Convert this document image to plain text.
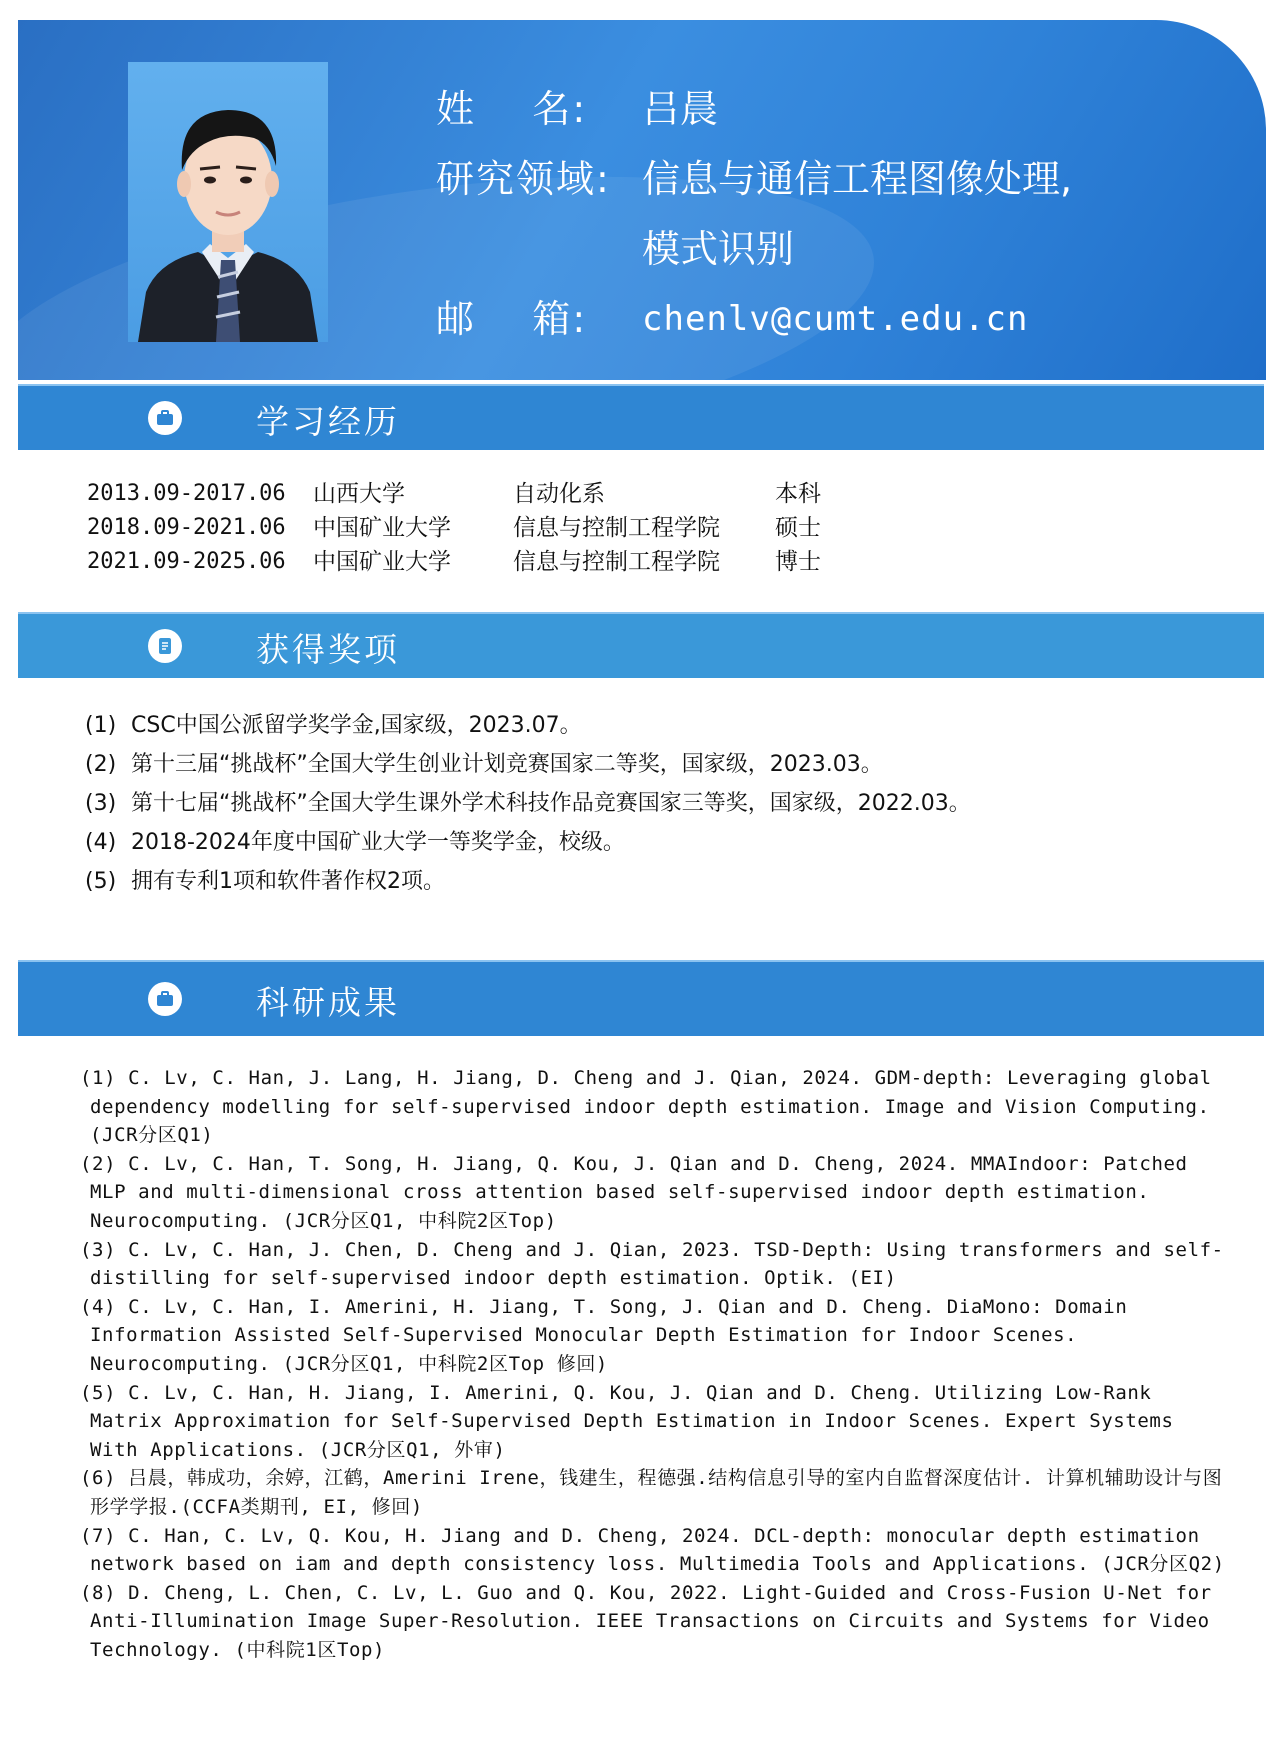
姓    名:	吕晨
研究领域: 信息与通信工程图像处理,
模式识别
邮    箱:	chenlv@cumt.edu.cn
学习经历
2013.09-2017.06	山西大学	自动化系	本科
2018.09-2021.06	中国矿业大学	信息与控制工程学院	硕士
2021.09-2025.06	中国矿业大学	信息与控制工程学院	博士
获得奖项
(1) CSC中国公派留学奖学金,国家级，2023.07。
(2) 第十三届“挑战杯”全国大学生创业计划竞赛国家二等奖，国家级，2023.03。
(3) 第十七届“挑战杯”全国大学生课外学术科技作品竞赛国家三等奖，国家级，2022.03。
(4) 2018-2024年度中国矿业大学一等奖学金，校级。
(5) 拥有专利1项和软件著作权2项。
科研成果
(1) C. Lv, C. Han, J. Lang, H. Jiang, D. Cheng and J. Qian, 2024. GDM-depth: Leveraging global dependency modelling for self-supervised indoor depth estimation. Image and Vision Computing.(JCR分区Q1)
(2) C. Lv, C. Han, T. Song, H. Jiang, Q. Kou, J. Qian and D. Cheng, 2024. MMAIndoor: Patched MLP and multi-dimensional cross attention based self-supervised indoor depth estimation. Neurocomputing. (JCR分区Q1, 中科院2区Top)
(3) C. Lv, C. Han, J. Chen, D. Cheng and J. Qian, 2023. TSD-Depth: Using transformers and self-distilling for self-supervised indoor depth estimation. Optik. (EI)
(4) C. Lv, C. Han, I. Amerini, H. Jiang, T. Song, J. Qian and D. Cheng. DiaMono: Domain Information Assisted Self-Supervised Monocular Depth Estimation for Indoor Scenes. Neurocomputing. (JCR分区Q1, 中科院2区Top 修回)
(5) C. Lv, C. Han, H. Jiang, I. Amerini, Q. Kou, J. Qian and D. Cheng. Utilizing Low-Rank Matrix Approximation for Self-Supervised Depth Estimation in Indoor Scenes. Expert Systems With Applications. (JCR分区Q1, 外审)
(6) 吕晨，韩成功，余婷，江鹤，Amerini Irene，钱建生，程德强.结构信息引导的室内自监督深度估计. 计算机辅助设计与图形学学报.(CCFA类期刊, EI, 修回)
(7) C. Han, C. Lv, Q. Kou, H. Jiang and D. Cheng, 2024. DCL-depth: monocular depth estimation network based on iam and depth consistency loss. Multimedia Tools and Applications. (JCR分区Q2)
(8) D. Cheng, L. Chen, C. Lv, L. Guo and Q. Kou, 2022. Light-Guided and Cross-Fusion U-Net for Anti-Illumination Image Super-Resolution. IEEE Transactions on Circuits and Systems for Video Technology. (中科院1区Top)
